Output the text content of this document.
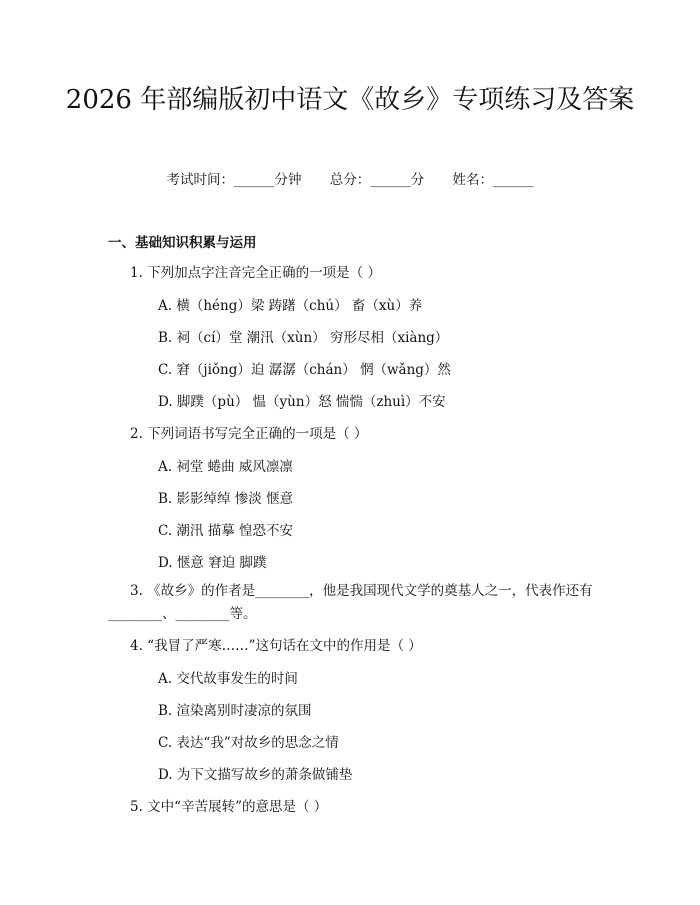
2026 年部编版初中语文《故乡》专项练习及答案
考试时间：______分钟 总分：______分 姓名：______
一、基础知识积累与运用
1. 下列加点字注音完全正确的一项是（ ）
A. 横（héng）梁 踌躇（chú） 畜（xù）养
B. 祠（cí）堂 潮汛（xùn） 穷形尽相（xiàng）
C. 窘（jiǒng）迫 潺潺（chán） 惘（wǎng）然
D. 脚蹼（pù） 愠（yùn）怒 惴惴（zhuì）不安
2. 下列词语书写完全正确的一项是（ ）
A. 祠堂 蜷曲 威风凛凛
B. 影影绰绰 惨淡 惬意
C. 潮汛 描摹 惶恐不安
D. 惬意 窘迫 脚蹼
3. 《故乡》的作者是________，他是我国现代文学的奠基人之一，代表作还有________、________等。
4. “我冒了严寒……”这句话在文中的作用是（ ）
A. 交代故事发生的时间
B. 渲染离别时凄凉的氛围
C. 表达“我”对故乡的思念之情
D. 为下文描写故乡的萧条做铺垫
5. 文中“辛苦展转”的意思是（ ）
